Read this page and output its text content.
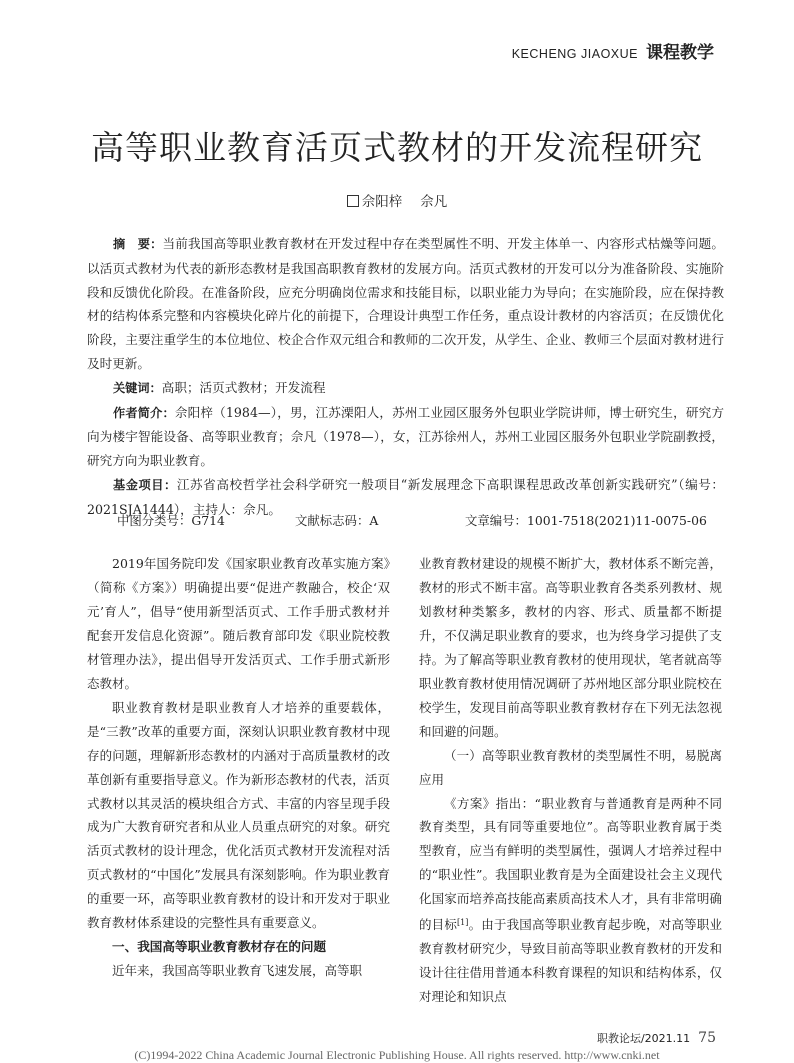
KECHENG JIAOXUE 课程教学
高等职业教育活页式教材的开发流程研究
佘阳梓 佘凡

摘　要：当前我国高等职业教育教材在开发过程中存在类型属性不明、开发主体单一、内容形式枯燥等问题。以活页式教材为代表的新形态教材是我国高职教育教材的发展方向。活页式教材的开发可以分为准备阶段、实施阶段和反馈优化阶段。在准备阶段，应充分明确岗位需求和技能目标，以职业能力为导向；在实施阶段，应在保持教材的结构体系完整和内容模块化碎片化的前提下，合理设计典型工作任务，重点设计教材的内容活页；在反馈优化阶段，主要注重学生的本位地位、校企合作双元组合和教师的二次开发，从学生、企业、教师三个层面对教材进行及时更新。

关键词：高职；活页式教材；开发流程

作者简介：佘阳梓（1984—），男，江苏溧阳人，苏州工业园区服务外包职业学院讲师，博士研究生，研究方向为楼宇智能设备、高等职业教育；佘凡（1978—），女，江苏徐州人，苏州工业园区服务外包职业学院副教授，研究方向为职业教育。

基金项目：江苏省高校哲学社会科学研究一般项目“新发展理念下高职课程思政改革创新实践研究”（编号：2021SJA1444），主持人：佘凡。

中图分类号：G714	文献标志码：A	文章编号：1001-7518(2021)11-0075-06

2019年国务院印发《国家职业教育改革实施方案》（简称《方案》）明确提出要“促进产教融合，校企‘双元’育人”，倡导“使用新型活页式、工作手册式教材并配套开发信息化资源”。随后教育部印发《职业院校教材管理办法》，提出倡导开发活页式、工作手册式新形态教材。

职业教育教材是职业教育人才培养的重要载体，是“三教”改革的重要方面，深刻认识职业教育教材中现存的问题，理解新形态教材的内涵对于高质量教材的改革创新有重要指导意义。作为新形态教材的代表，活页式教材以其灵活的模块组合方式、丰富的内容呈现手段成为广大教育研究者和从业人员重点研究的对象。研究活页式教材的设计理念，优化活页式教材开发流程对活页式教材的“中国化”发展具有深刻影响。作为职业教育的重要一环，高等职业教育教材的设计和开发对于职业教育教材体系建设的完整性具有重要意义。

一、我国高等职业教育教材存在的问题

近年来，我国高等职业教育飞速发展，高等职

业教育教材建设的规模不断扩大，教材体系不断完善，教材的形式不断丰富。高等职业教育各类系列教材、规划教材种类繁多，教材的内容、形式、质量都不断提升，不仅满足职业教育的要求，也为终身学习提供了支持。为了解高等职业教育教材的使用现状，笔者就高等职业教育教材使用情况调研了苏州地区部分职业院校在校学生，发现目前高等职业教育教材存在下列无法忽视和回避的问题。

（一）高等职业教育教材的类型属性不明，易脱离应用

《方案》指出：“职业教育与普通教育是两种不同教育类型，具有同等重要地位”。高等职业教育属于类型教育，应当有鲜明的类型属性，强调人才培养过程中的“职业性”。我国职业教育是为全面建设社会主义现代化国家而培养高技能高素质高技术人才，具有非常明确的目标[1]。由于我国高等职业教育起步晚，对高等职业教育教材研究少，导致目前高等职业教育教材的开发和设计往往借用普通本科教育课程的知识和结构体系，仅对理论和知识点

职教论坛/2021.11 75
(C)1994-2022 China Academic Journal Electronic Publishing House. All rights reserved. http://www.cnki.net
